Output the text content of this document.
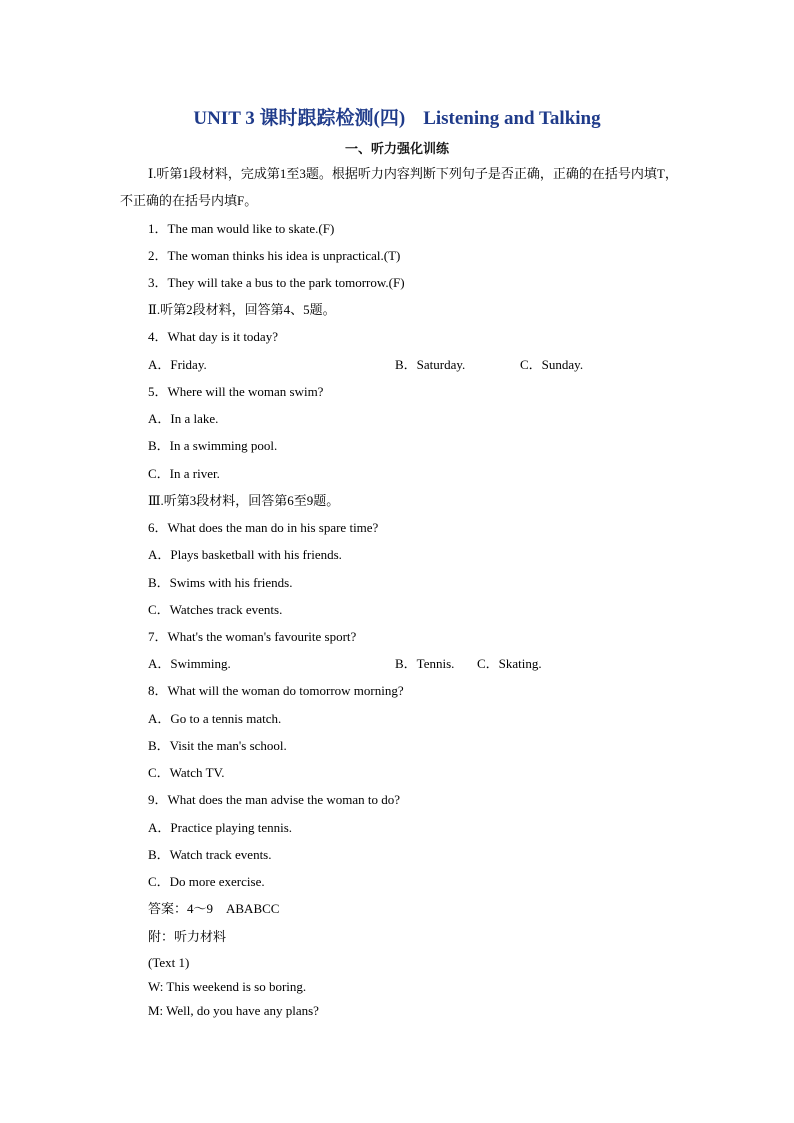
UNIT 3 课时跟踪检测(四) Listening and Talking
一、听力强化训练
Ⅰ.听第1段材料，完成第1至3题。根据听力内容判断下列句子是否正确，正确的在括号内填T，不正确的在括号内填F。
1．The man would like to skate.(F)
2．The woman thinks his idea is unpractical.(T)
3．They will take a bus to the park tomorrow.(F)
Ⅱ.听第2段材料，回答第4、5题。
4．What day is it today?
A．Friday.	B．Saturday.	C．Sunday.
5．Where will the woman swim?
A．In a lake.
B．In a swimming pool.
C．In a river.
Ⅲ.听第3段材料，回答第6至9题。
6．What does the man do in his spare time?
A．Plays basketball with his friends.
B．Swims with his friends.
C．Watches track events.
7．What's the woman's favourite sport?
A．Swimming.	B．Tennis. C．Skating.
8．What will the woman do tomorrow morning?
A．Go to a tennis match.
B．Visit the man's school.
C．Watch TV.
9．What does the man advise the woman to do?
A．Practice playing tennis.
B．Watch track events.
C．Do more exercise.
答案：4～9　ABABCC
附：听力材料
(Text 1)
W: This weekend is so boring.
M: Well, do you have any plans?
